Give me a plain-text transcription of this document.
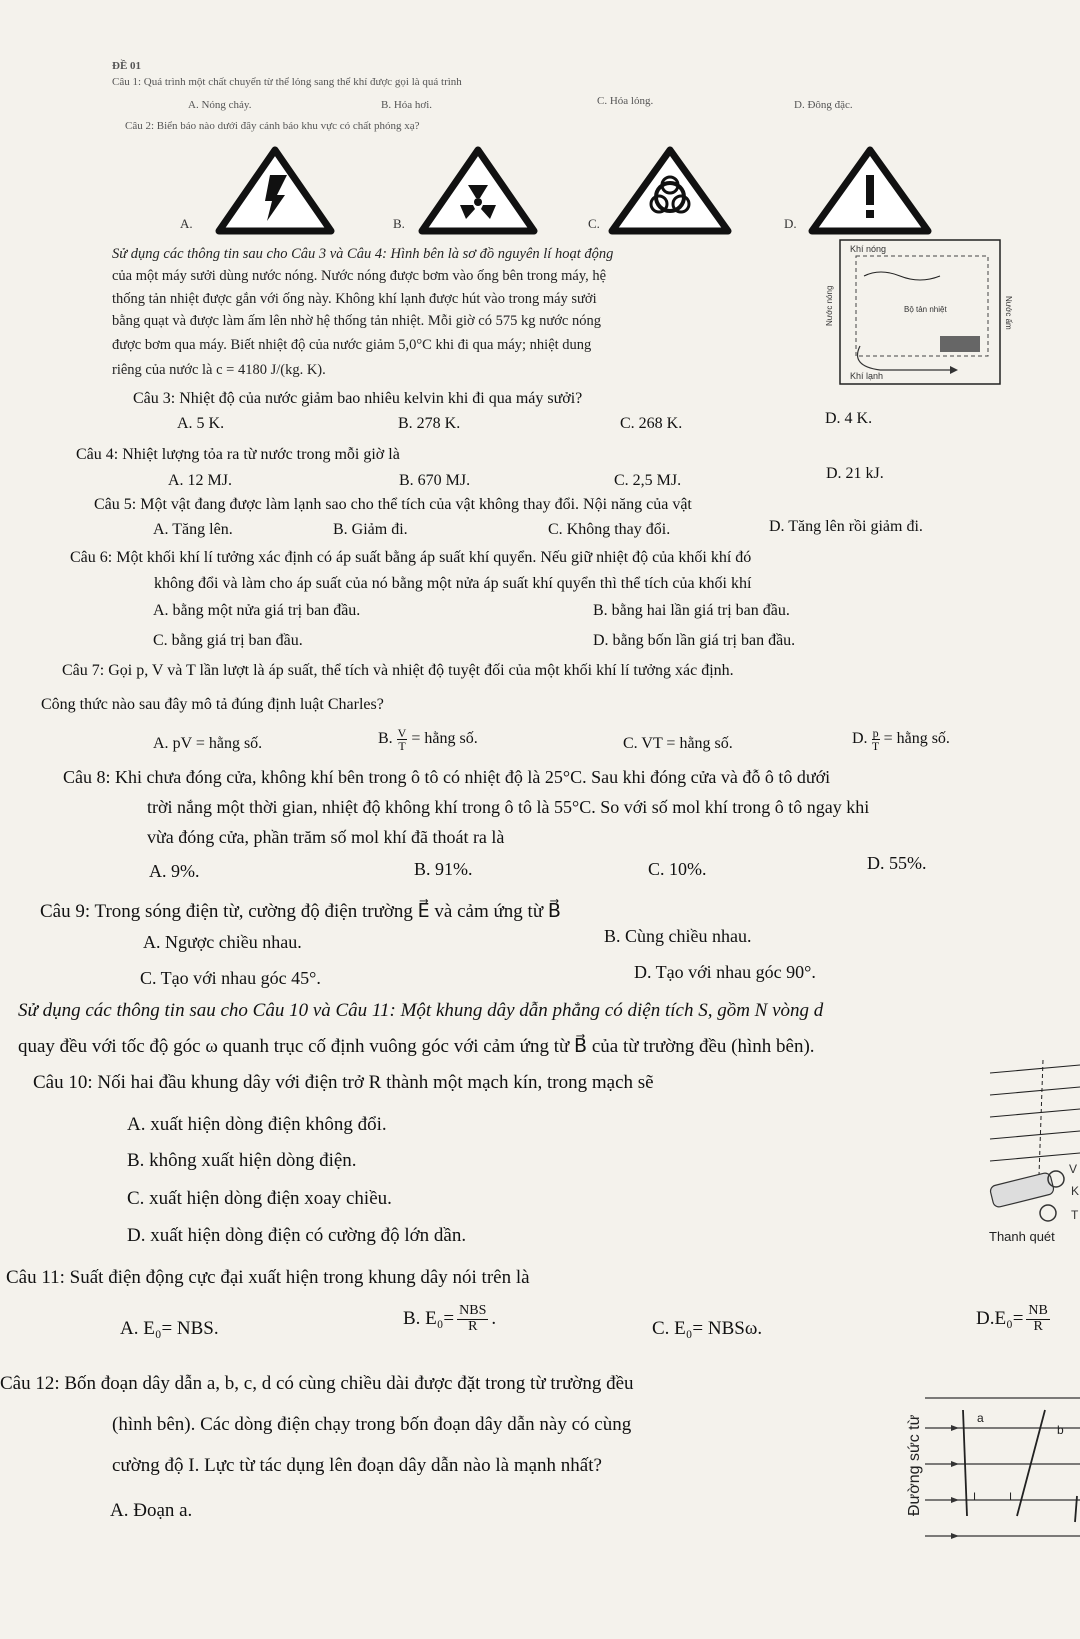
ĐỀ 01
Câu 1: Quá trình một chất chuyển từ thể lỏng sang thể khí được gọi là quá trình
A. Nóng chảy.	B. Hóa hơi.	C. Hóa lỏng.	D. Đông đặc.
Câu 2: Biển báo nào dưới đây cảnh báo khu vực có chất phóng xạ?
A.	B.	C.	D.
Sử dụng các thông tin sau cho Câu 3 và Câu 4: Hình bên là sơ đồ nguyên lí hoạt động
của một máy sưởi dùng nước nóng. Nước nóng được bơm vào ống bên trong máy, hệ
thống tản nhiệt được gắn với ống này. Không khí lạnh được hút vào trong máy sưởi
bằng quạt và được làm ấm lên nhờ hệ thống tản nhiệt. Mỗi giờ có 575 kg nước nóng
được bơm qua máy. Biết nhiệt độ của nước giảm 5,0°C khi đi qua máy; nhiệt dung
riêng của nước là c = 4180 J/(kg. K).
Khí nóng
Khí lạnh
Bộ tản nhiệt
Nước nóng	Nước ấm
Câu 3: Nhiệt độ của nước giảm bao nhiêu kelvin khi đi qua máy sưởi?
A. 5 K.	B. 278 K.	C. 268 K.	D. 4 K.
Câu 4: Nhiệt lượng tỏa ra từ nước trong mỗi giờ là
A. 12 MJ.	B. 670 MJ.	C. 2,5 MJ.	D. 21 kJ.
Câu 5: Một vật đang được làm lạnh sao cho thể tích của vật không thay đổi. Nội năng của vật
A. Tăng lên.	B. Giảm đi.	C. Không thay đổi.	D. Tăng lên rồi giảm đi.
Câu 6: Một khối khí lí tưởng xác định có áp suất bằng áp suất khí quyển. Nếu giữ nhiệt độ của khối khí đó
không đổi và làm cho áp suất của nó bằng một nửa áp suất khí quyển thì thể tích của khối khí
A. bằng một nửa giá trị ban đầu.	B. bằng hai lần giá trị ban đầu.
C. bằng giá trị ban đầu.	D. bằng bốn lần giá trị ban đầu.
Câu 7: Gọi p, V và T lần lượt là áp suất, thể tích và nhiệt độ tuyệt đối của một khối khí lí tưởng xác định.
Công thức nào sau đây mô tả đúng định luật Charles?
A. pV = hằng số.	B. $\frac{V}{T}$ = hằng số.	C. VT = hằng số.	D. $\frac{p}{T}$ = hằng số.
Câu 8: Khi chưa đóng cửa, không khí bên trong ô tô có nhiệt độ là 25°C. Sau khi đóng cửa và đỗ ô tô dưới
trời nắng một thời gian, nhiệt độ không khí trong ô tô là 55°C. So với số mol khí trong ô tô ngay khi
vừa đóng cửa, phần trăm số mol khí đã thoát ra là
A. 9%.	B. 91%.	C. 10%.	D. 55%.
Câu 9: Trong sóng điện từ, cường độ điện trường E⃗ và cảm ứng từ B⃗
A. Ngược chiều nhau.	B. Cùng chiều nhau.
C. Tạo với nhau góc 45°.	D. Tạo với nhau góc 90°.
Sử dụng các thông tin sau cho Câu 10 và Câu 11: Một khung dây dẫn phẳng có diện tích S, gồm N vòng d
quay đều với tốc độ góc ω quanh trục cố định vuông góc với cảm ứng từ B⃗ của từ trường đều (hình bên).
V
K
T
Thanh quét
Câu 10: Nối hai đầu khung dây với điện trở R thành một mạch kín, trong mạch sẽ
A. xuất hiện dòng điện không đổi.
B. không xuất hiện dòng điện.
C. xuất hiện dòng điện xoay chiều.
D. xuất hiện dòng điện có cường độ lớn dần.
Câu 11: Suất điện động cực đại xuất hiện trong khung dây nói trên là
A. E₀= NBS.	B. E₀= NBS
R .	C. E₀= NBSω.	$D.E_0= \frac{NB}{R}$
Câu 12: Bốn đoạn dây dẫn a, b, c, d có cùng chiều dài được đặt trong từ trường đều
(hình bên). Các dòng điện chạy trong bốn đoạn dây dẫn này có cùng
cường độ I. Lực từ tác dụng lên đoạn dây dẫn nào là mạnh nhất?
A. Đoạn a.
a
b
I	I
Đường sức từ
